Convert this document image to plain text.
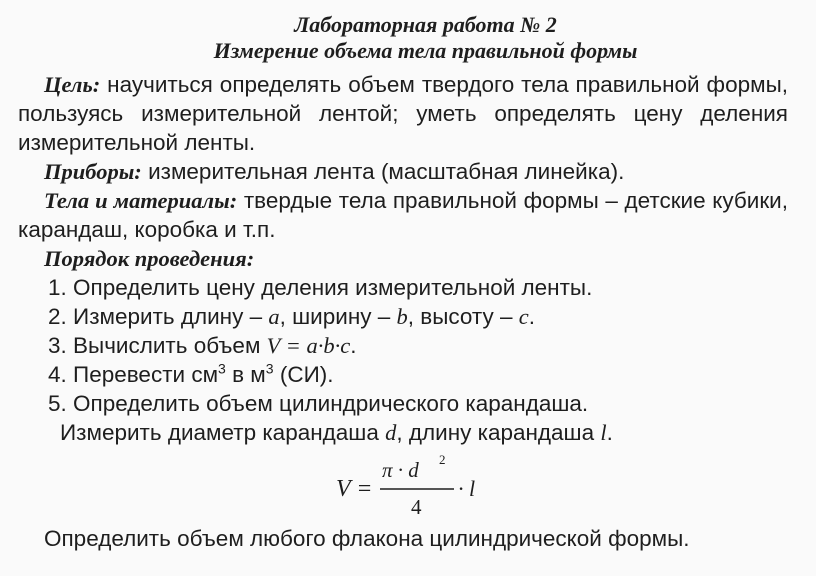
Лабораторная работа № 2
Измерение объема тела правильной формы

Цель: научиться определять объем твердого тела правильной формы, пользуясь измерительной лентой; уметь определять цену деления измерительной ленты.

Приборы: измерительная лента (масштабная линейка).

Тела и материалы: твердые тела правильной формы – детские кубики, карандаш, коробка и т.п.

Порядок проведения:

1. Определить цену деления измерительной ленты.
2. Измерить длину – a, ширину – b, высоту – c.
3. Вычислить объем V = a·b·c.
4. Перевести $см^3$ в $м^3$ (СИ).
5. Определить объем цилиндрического карандаша.

Измерить диаметр карандаша d, длину карандаша l.

V =
π · d 2
4
· l

Определить объем любого флакона цилиндрической формы.
